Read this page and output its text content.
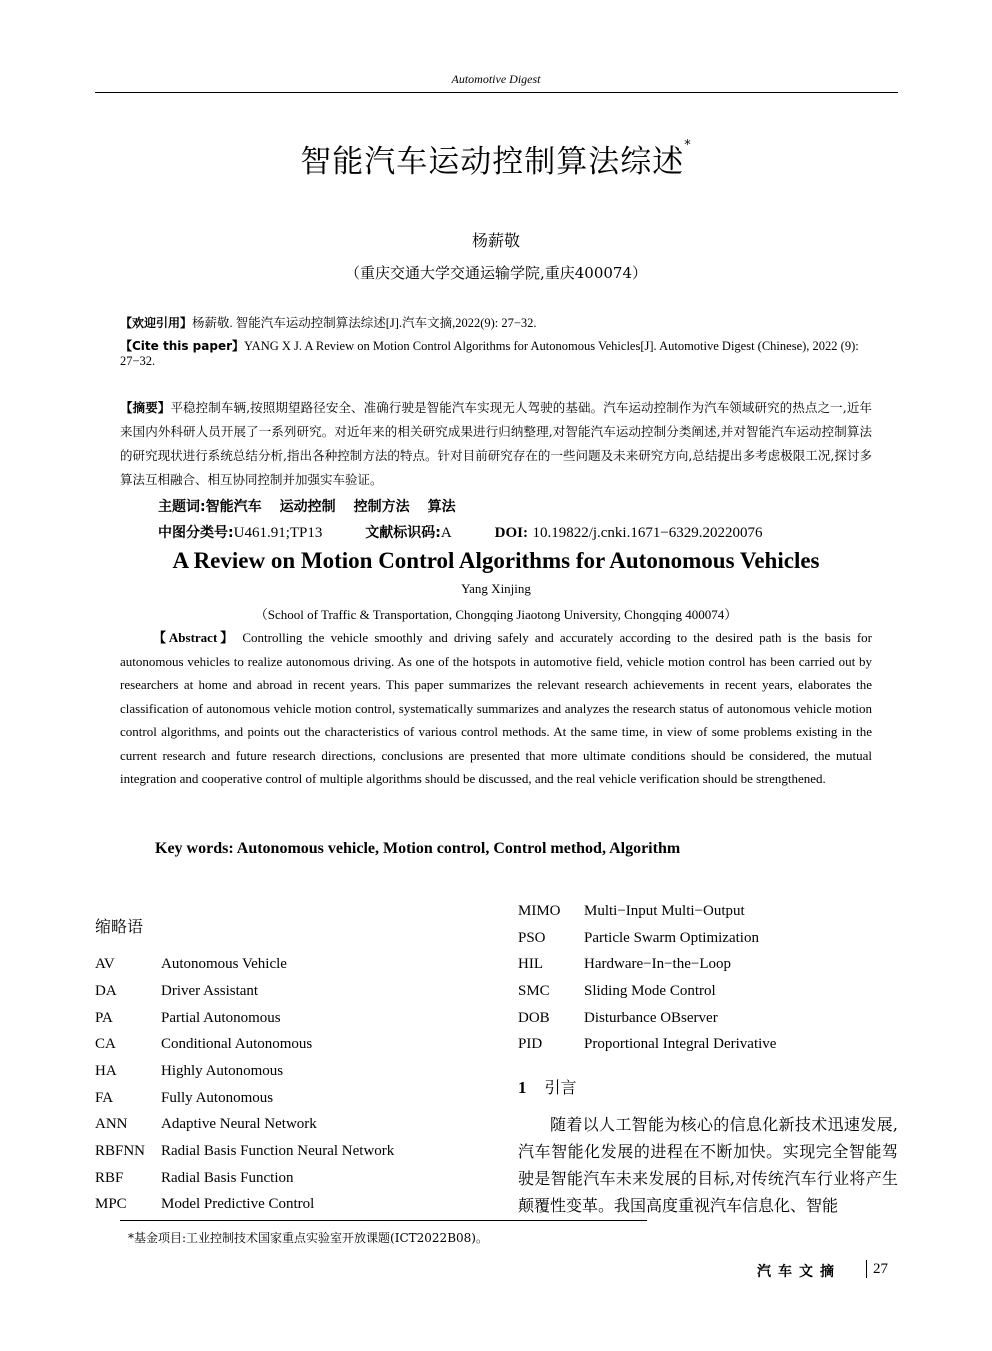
Automotive Digest
智能汽车运动控制算法综述*
杨薪敬
（重庆交通大学交通运输学院,重庆400074）
【欢迎引用】杨薪敬. 智能汽车运动控制算法综述[J].汽车文摘,2022(9): 27−32.
【Cite this paper】YANG X J. A Review on Motion Control Algorithms for Autonomous Vehicles[J]. Automotive Digest (Chinese), 2022 (9): 27−32.
【摘要】平稳控制车辆,按照期望路径安全、准确行驶是智能汽车实现无人驾驶的基础。汽车运动控制作为汽车领域研究的热点之一,近年来国内外科研人员开展了一系列研究。对近年来的相关研究成果进行归纳整理,对智能汽车运动控制分类阐述,并对智能汽车运动控制算法的研究现状进行系统总结分析,指出各种控制方法的特点。针对目前研究存在的一些问题及未来研究方向,总结提出多考虑极限工况,探讨多算法互相融合、相互协同控制并加强实车验证。
主题词:智能汽车 运动控制 控制方法 算法
中图分类号:U461.91;TP13	文献标识码:A	DOI: 10.19822/j.cnki.1671−6329.20220076
A Review on Motion Control Algorithms for Autonomous Vehicles
Yang Xinjing
（School of Traffic & Transportation, Chongqing Jiaotong University, Chongqing 400074）
【Abstract】 Controlling the vehicle smoothly and driving safely and accurately according to the desired path is the basis for autonomous vehicles to realize autonomous driving. As one of the hotspots in automotive field, vehicle motion control has been carried out by researchers at home and abroad in recent years. This paper summarizes the relevant research achievements in recent years, elaborates the classification of autonomous vehicle motion control, systematically summarizes and analyzes the research status of autonomous vehicle motion control algorithms, and points out the characteristics of various control methods. At the same time, in view of some problems existing in the current research and future research directions, conclusions are presented that more ultimate conditions should be considered, the mutual integration and cooperative control of multiple algorithms should be discussed, and the real vehicle verification should be strengthened.
Key words: Autonomous vehicle, Motion control, Control method, Algorithm
缩略语
AV	Autonomous Vehicle
DA	Driver Assistant
PA	Partial Autonomous
CA	Conditional Autonomous
HA	Highly Autonomous
FA	Fully Autonomous
ANN Adaptive Neural Network
RBFNN Radial Basis Function Neural Network
RBF	Radial Basis Function
MPC Model Predictive Control
MIMO Multi−Input Multi−Output
PSO	Particle Swarm Optimization
HIL	Hardware−In−the−Loop
SMC Sliding Mode Control
DOB Disturbance OBserver
PID	Proportional Integral Derivative
1 引言

随着以人工智能为核心的信息化新技术迅速发展,汽车智能化发展的进程在不断加快。实现完全智能驾驶是智能汽车未来发展的目标,对传统汽车行业将产生颠覆性变革。我国高度重视汽车信息化、智能

*基金项目:工业控制技术国家重点实验室开放课题(ICT2022B08)。
汽车文摘 27
